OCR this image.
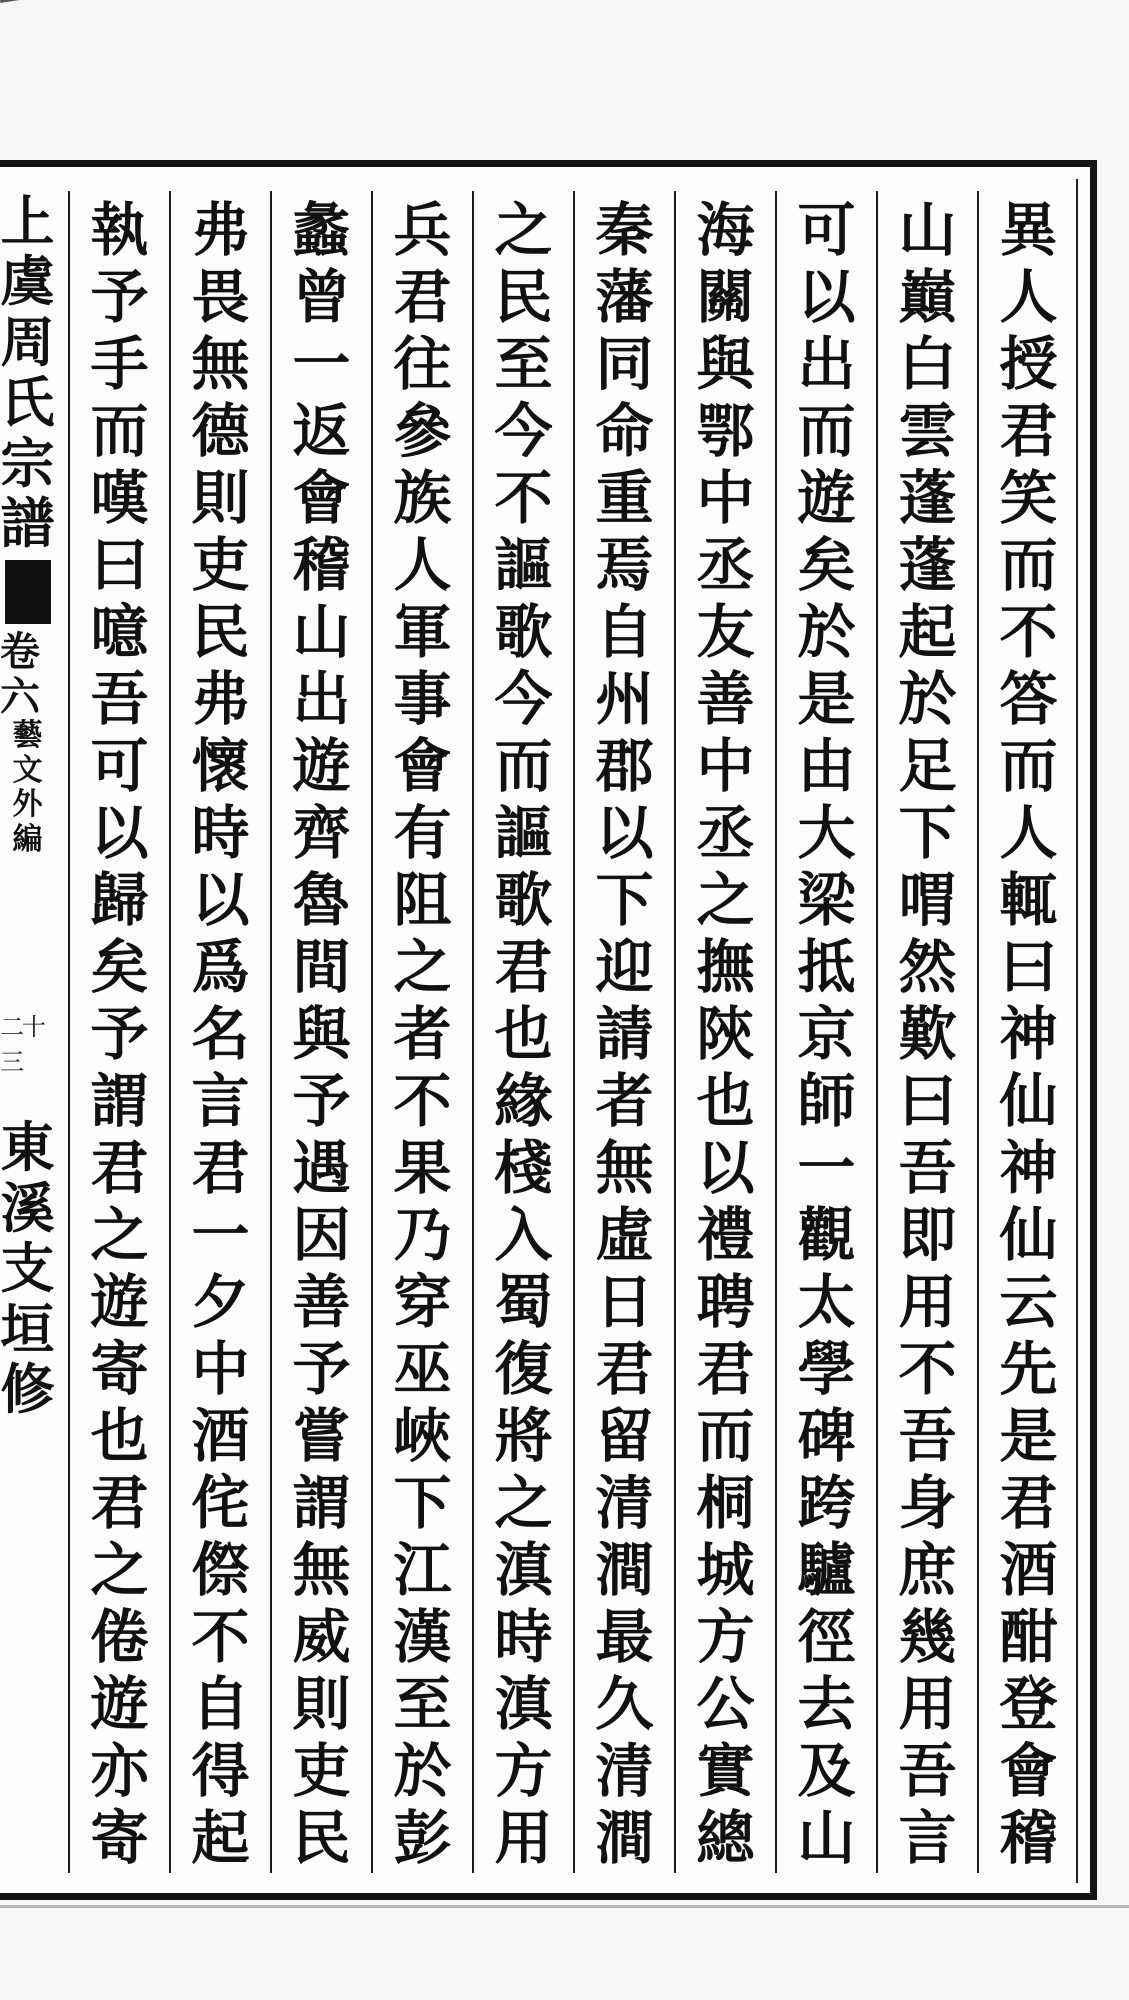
上
虞
周
氏
宗
譜
卷六
藝
文
外
編
二十三
東
溪
支
垣
修
異
人
授
君
笑
而
不
答
而
人
輒
曰
神
仙
神
仙
云
先
是
君
酒
酣
登
會
稽
山
巔
白
雲
蓬
蓬
起
於
足
下
喟
然
歎
曰
吾
即
用
不
吾
身
庶
幾
用
吾
言
可
以
出
而
遊
矣
於
是
由
大
梁
抵
京
師
一
觀
太
學
碑
跨
驢
徑
去
及
山
海
關
與
鄂
中
丞
友
善
中
丞
之
撫
陝
也
以
禮
聘
君
而
桐
城
方
公
實
總
秦
藩
同
命
重
焉
自
州
郡
以
下
迎
請
者
無
虛
日
君
留
清
澗
最
久
清
澗
之
民
至
今
不
謳
歌
今
而
謳
歌
君
也
緣
棧
入
蜀
復
將
之
滇
時
滇
方
用
兵
君
往
參
族
人
軍
事
會
有
阻
之
者
不
果
乃
穿
巫
峽
下
江
漢
至
於
彭
蠡
曾
一
返
會
稽
山
出
遊
齊
魯
間
與
予
遇
因
善
予
嘗
謂
無
威
則
吏
民
弗
畏
無
德
則
吏
民
弗
懷
時
以
爲
名
言
君
一
夕
中
酒
侘
傺
不
自
得
起
執
予
手
而
嘆
曰
噫
吾
可
以
歸
矣
予
謂
君
之
遊
寄
也
君
之
倦
遊
亦
寄
